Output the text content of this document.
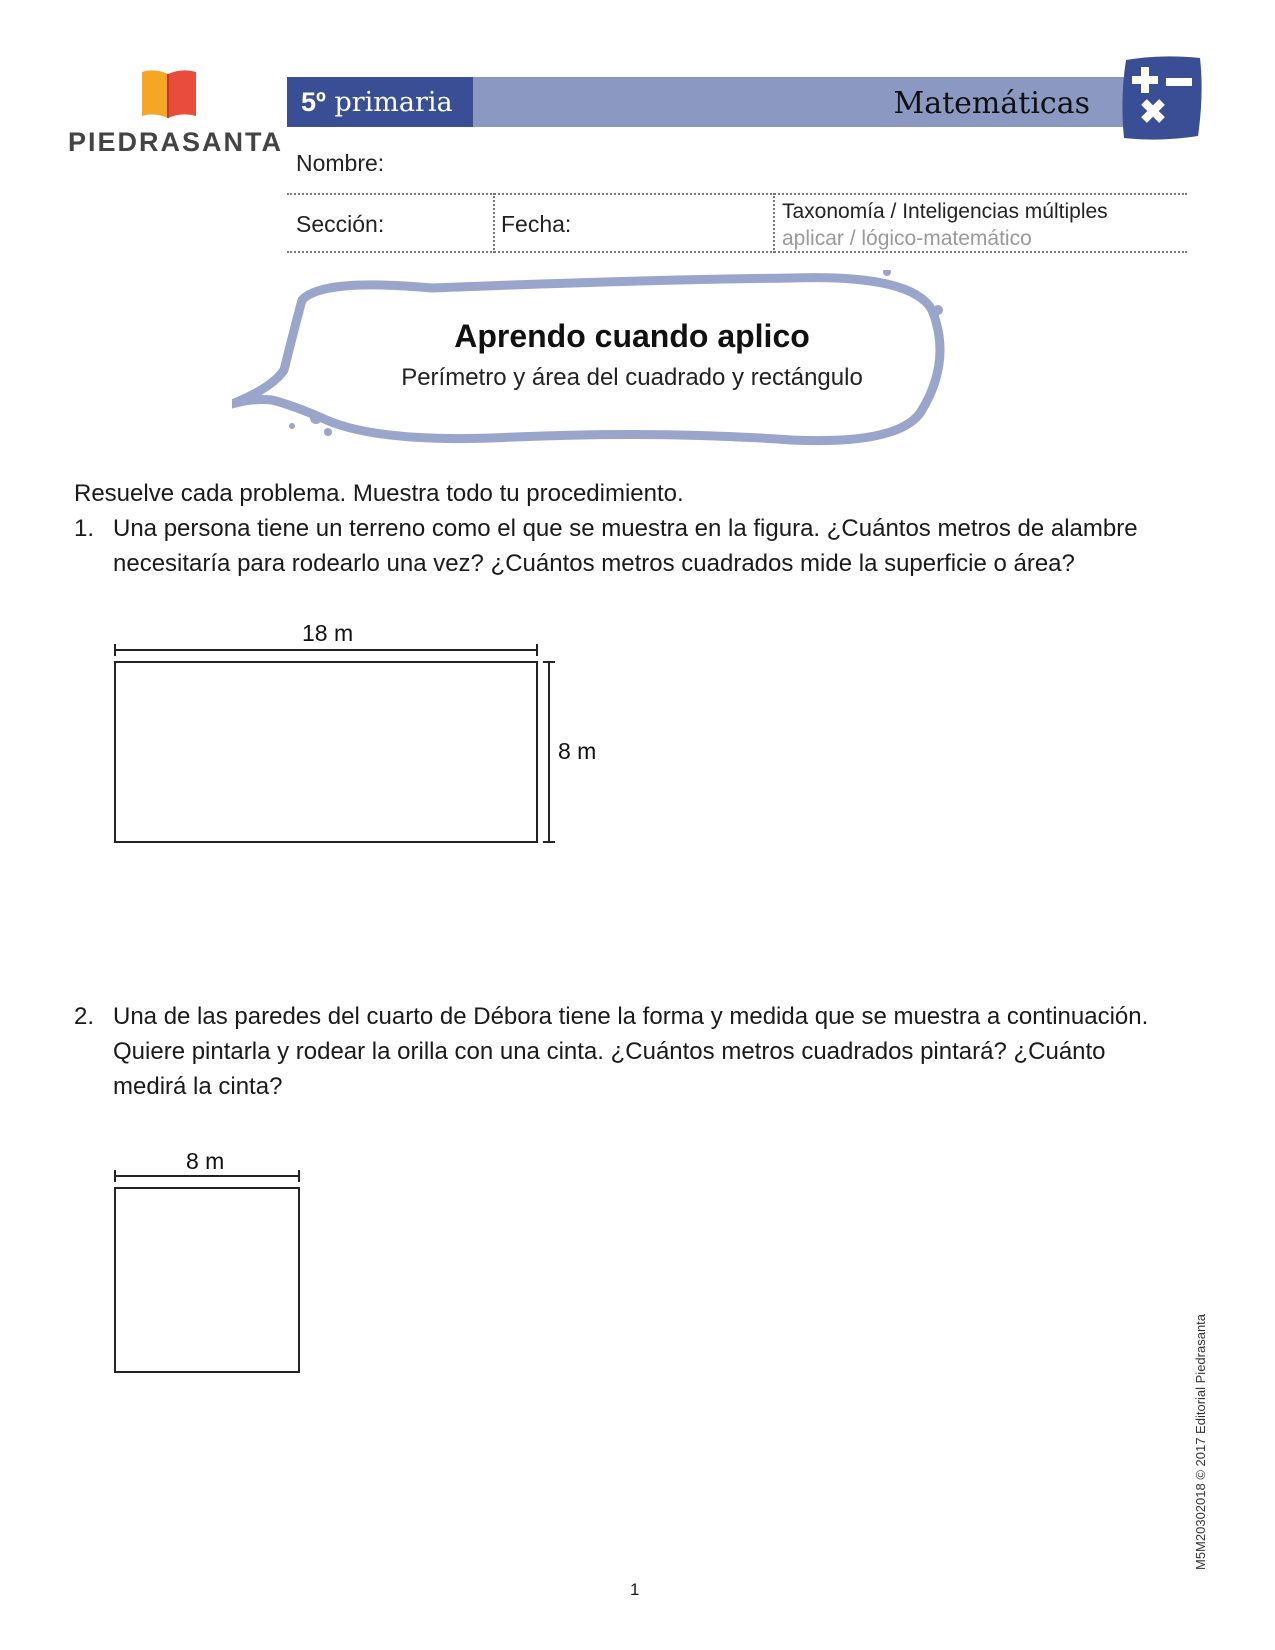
PIEDRASANTA
5º primaria	Matemáticas
Nombre:
Sección:	Fecha:	Taxonomía / Inteligencias múltiples
aplicar / lógico-matemático
Aprendo cuando aplico
Perímetro y área del cuadrado y rectángulo
Resuelve cada problema. Muestra todo tu procedimiento.
1. Una persona tiene un terreno como el que se muestra en la figura. ¿Cuántos metros de alambre necesitaría para rodearlo una vez? ¿Cuántos metros cuadrados mide la superficie o área?
18 m
8 m
2. Una de las paredes del cuarto de Débora tiene la forma y medida que se muestra a continuación. Quiere pintarla y rodear la orilla con una cinta. ¿Cuántos metros cuadrados pintará? ¿Cuánto medirá la cinta?
8 m
1
M5M20302018 © 2017 Editorial Piedrasanta
